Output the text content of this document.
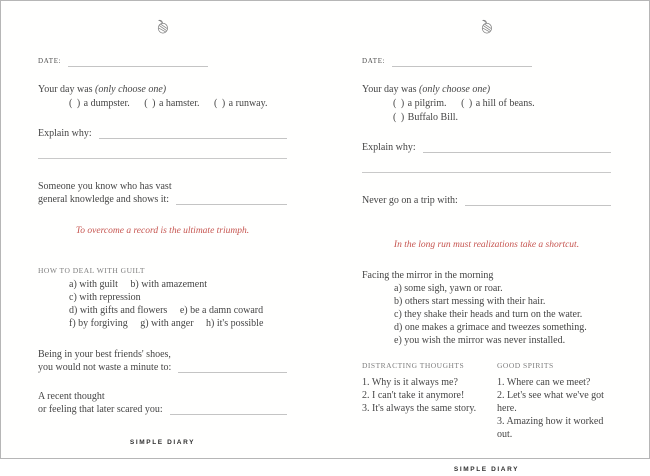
DATE:
Your day was (only choose one)
( ) a dumpster. ( ) a hamster. ( ) a runway.
Explain why:
Someone you know who has vast
general knowledge and shows it:
To overcome a record is the ultimate triumph.
HOW TO DEAL WITH GUILT
a) with guilt b) with amazement c) with repression
d) with gifts and flowers e) be a damn coward
f) by forgiving g) with anger h) it's possible
Being in your best friends' shoes,
you would not waste a minute to:
A recent thought
or feeling that later scared you:
SIMPLE DIARY
DATE:
Your day was (only choose one)
( ) a pilgrim. ( ) a hill of beans. ( ) Buffalo Bill.
Explain why:
Never go on a trip with:
In the long run must realizations take a shortcut.
Facing the mirror in the morning
a) some sigh, yawn or roar.
b) others start messing with their hair.
c) they shake their heads and turn on the water.
d) one makes a grimace and tweezes something.
e) you wish the mirror was never installed.
DISTRACTING THOUGHTS
1. Why is it always me?
2. I can't take it anymore!
3. It's always the same story.
GOOD SPIRITS
1. Where can we meet?
2. Let's see what we've got here.
3. Amazing how it worked out.
SIMPLE DIARY
